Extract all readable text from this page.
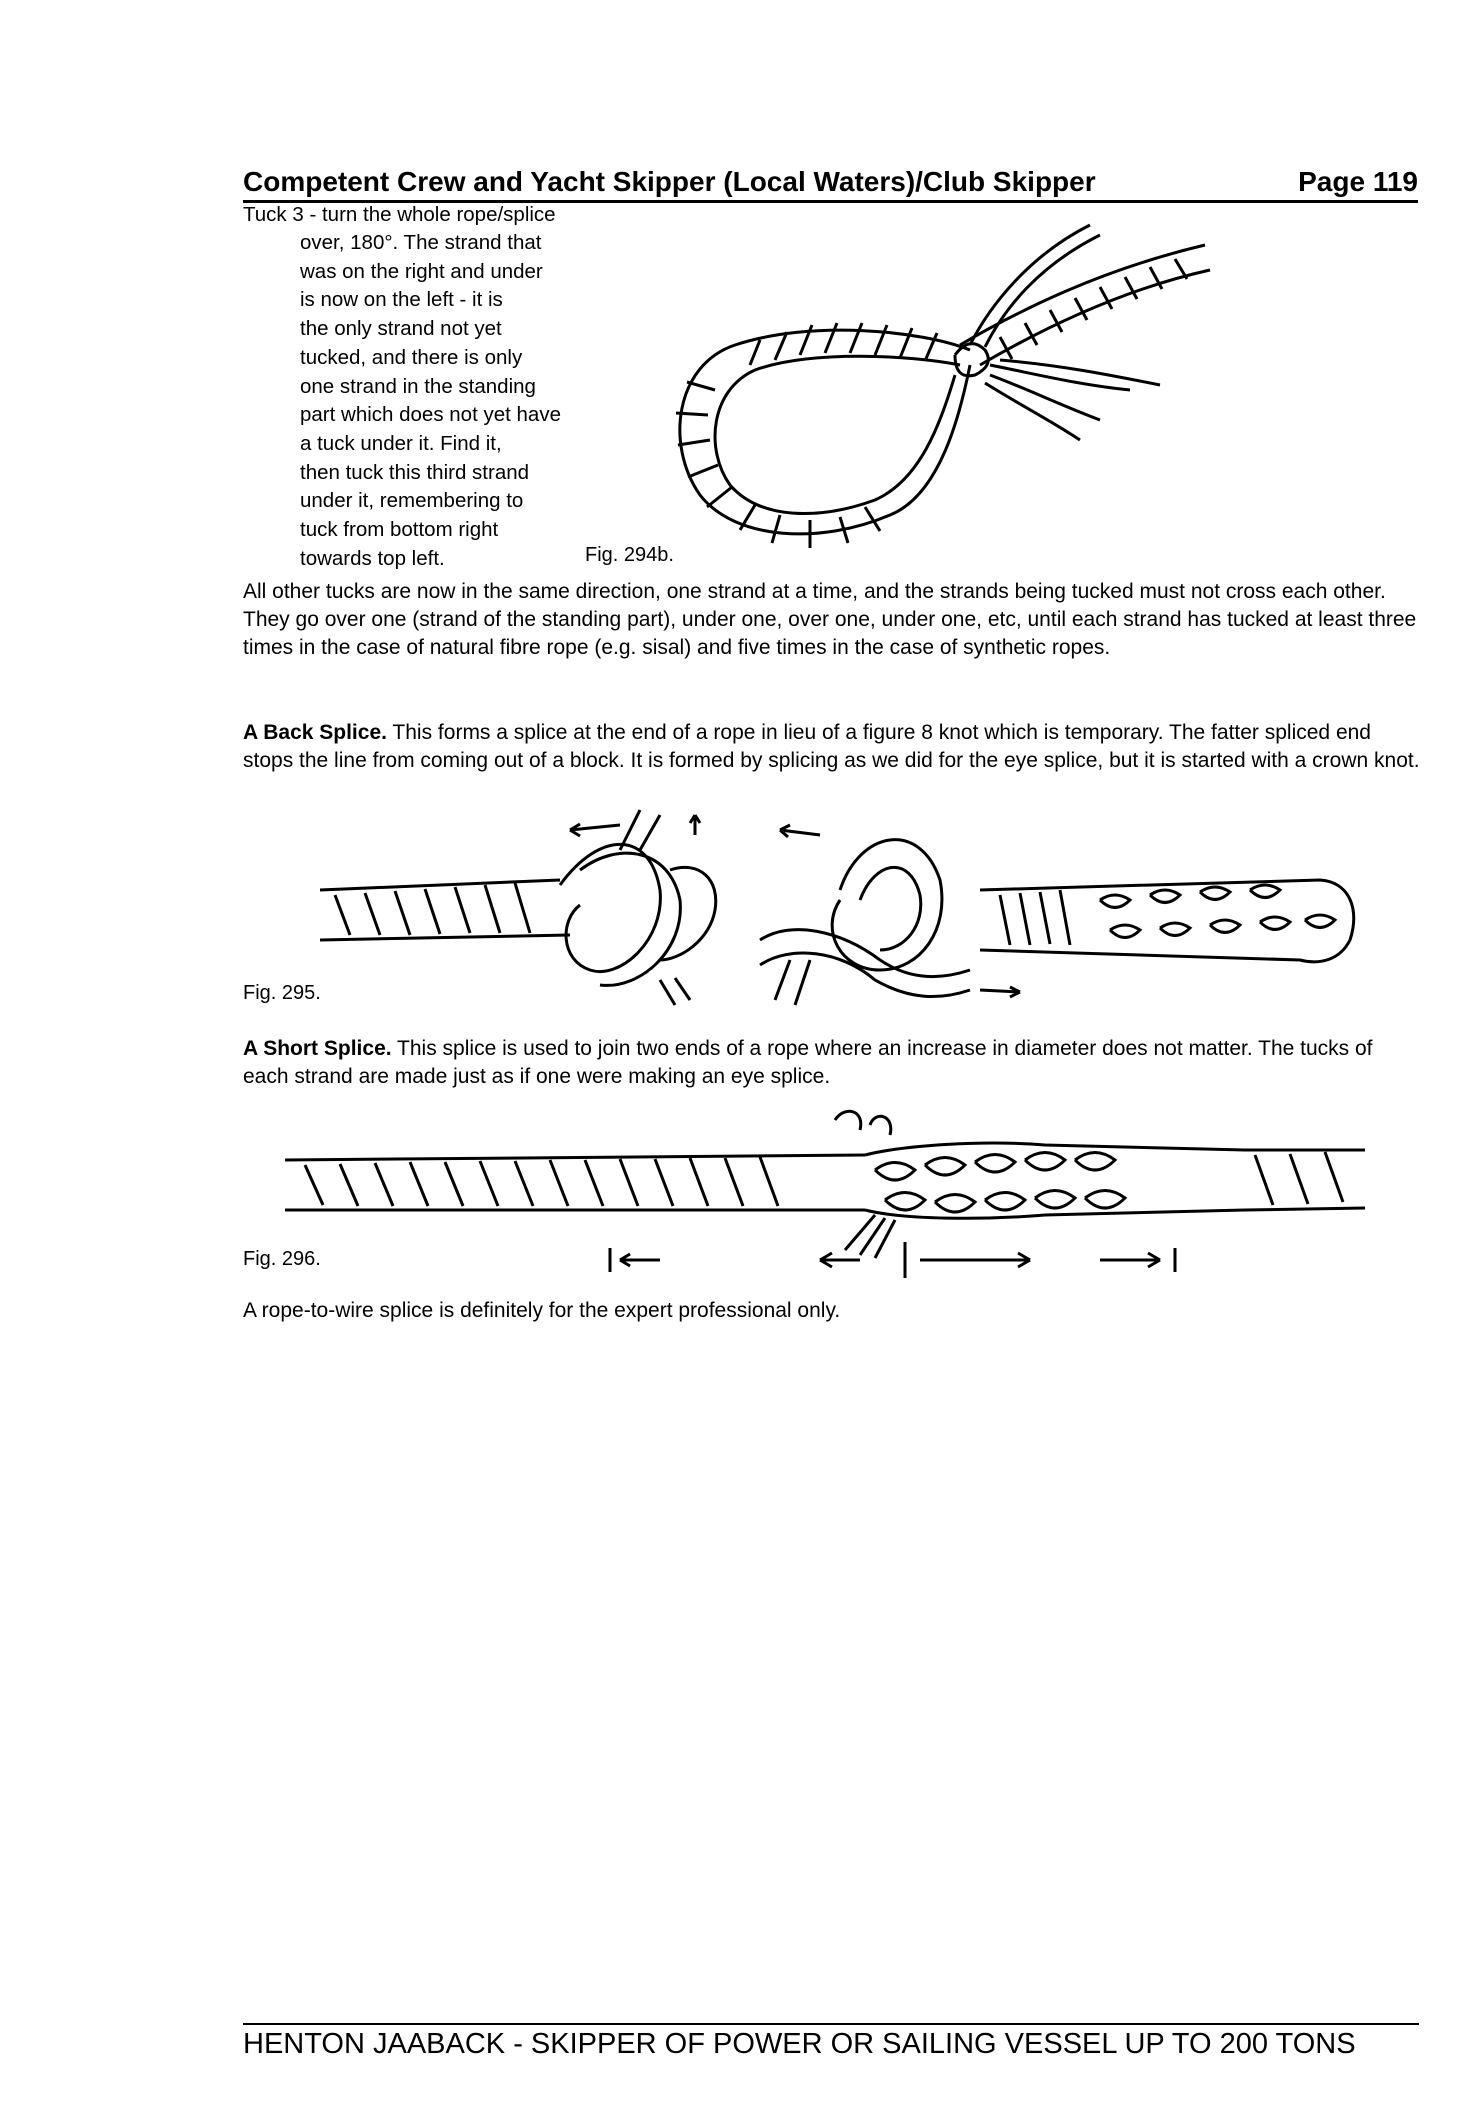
Competent Crew and Yacht Skipper (Local Waters)/Club Skipper	Page 119
Tuck 3 - turn the whole rope/splice
over, 180°. The strand that
was on the right and under
is now on the left - it is
the only strand not yet
tucked, and there is only
one strand in the standing
part which does not yet have
a tuck under it. Find it,
then tuck this third strand
under it, remembering to
tuck from bottom right
towards top left.	Fig. 294b.
All other tucks are now in the same direction, one strand at a time, and the strands being tucked must not cross each other. They go over one (strand of the standing part), under one, over one, under one, etc, until each strand has tucked at least three times in the case of natural fibre rope (e.g. sisal) and five times in the case of synthetic ropes.
A Back Splice. This forms a splice at the end of a rope in lieu of a figure 8 knot which is temporary. The fatter spliced end stops the line from coming out of a block. It is formed by splicing as we did for the eye splice, but it is started with a crown knot.
Fig. 295.
A Short Splice. This splice is used to join two ends of a rope where an increase in diameter does not matter. The tucks of each strand are made just as if one were making an eye splice.
Fig. 296.
A rope-to-wire splice is definitely for the expert professional only.
HENTON JAABACK - SKIPPER OF POWER OR SAILING VESSEL UP TO 200 TONS
